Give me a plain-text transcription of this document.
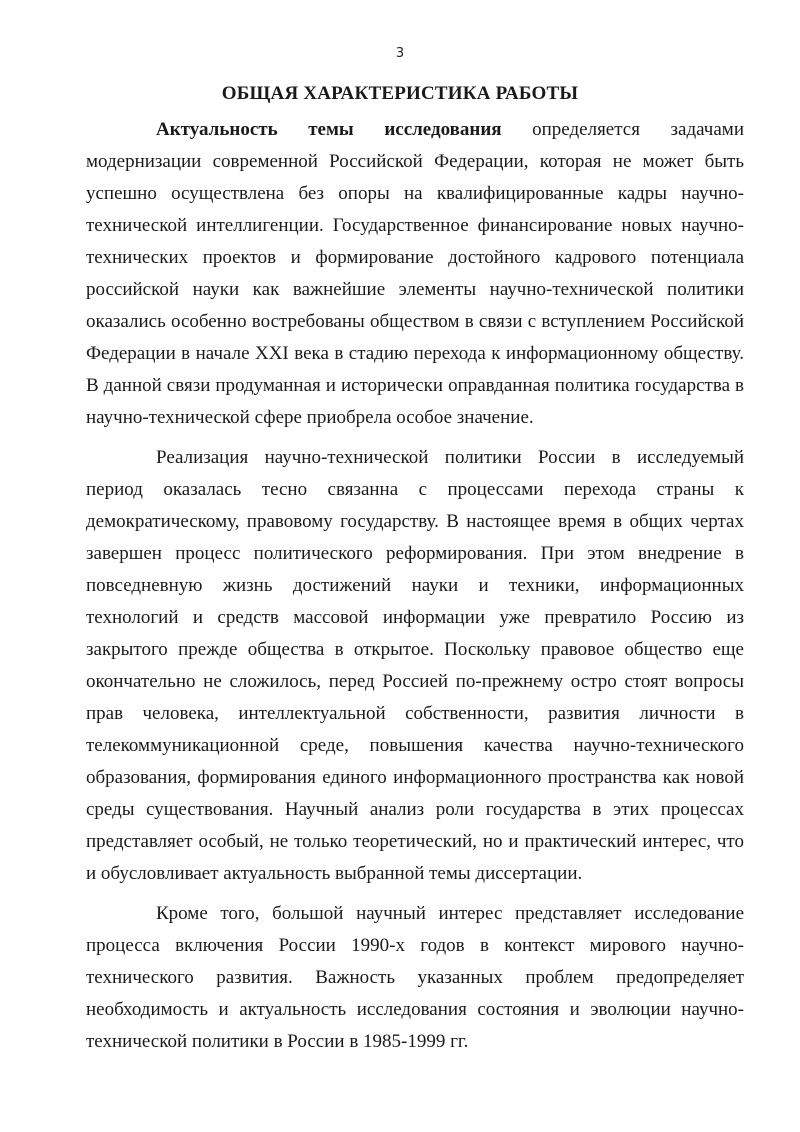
3
ОБЩАЯ ХАРАКТЕРИСТИКА РАБОТЫ

Актуальность темы исследования определяется задачами модернизации современной Российской Федерации, которая не может быть успешно осуществлена без опоры на квалифицированные кадры научно-технической интеллигенции. Государственное финансирование новых научно-технических проектов и формирование достойного кадрового потенциала российской науки как важнейшие элементы научно-технической политики оказались особенно востребованы обществом в связи с вступлением Российской Федерации в начале XXI века в стадию перехода к информационному обществу. В данной связи продуманная и исторически оправданная политика государства в научно-технической сфере приобрела особое значение.

Реализация научно-технической политики России в исследуемый период оказалась тесно связанна с процессами перехода страны к демократическому, правовому государству. В настоящее время в общих чертах завершен процесс политического реформирования. При этом внедрение в повседневную жизнь достижений науки и техники, информационных технологий и средств массовой информации уже превратило Россию из закрытого прежде общества в открытое. Поскольку правовое общество еще окончательно не сложилось, перед Россией по-прежнему остро стоят вопросы прав человека, интеллектуальной собственности, развития личности в телекоммуникационной среде, повышения качества научно-технического образования, формирования единого информационного пространства как новой среды существования. Научный анализ роли государства в этих процессах представляет особый, не только теоретический, но и практический интерес, что и обусловливает актуальность выбранной темы диссертации.

Кроме того, большой научный интерес представляет исследование процесса включения России 1990-х годов в контекст мирового научно-технического развития. Важность указанных проблем предопределяет необходимость и актуальность исследования состояния и эволюции научно-технической политики в России в 1985-1999 гг.
